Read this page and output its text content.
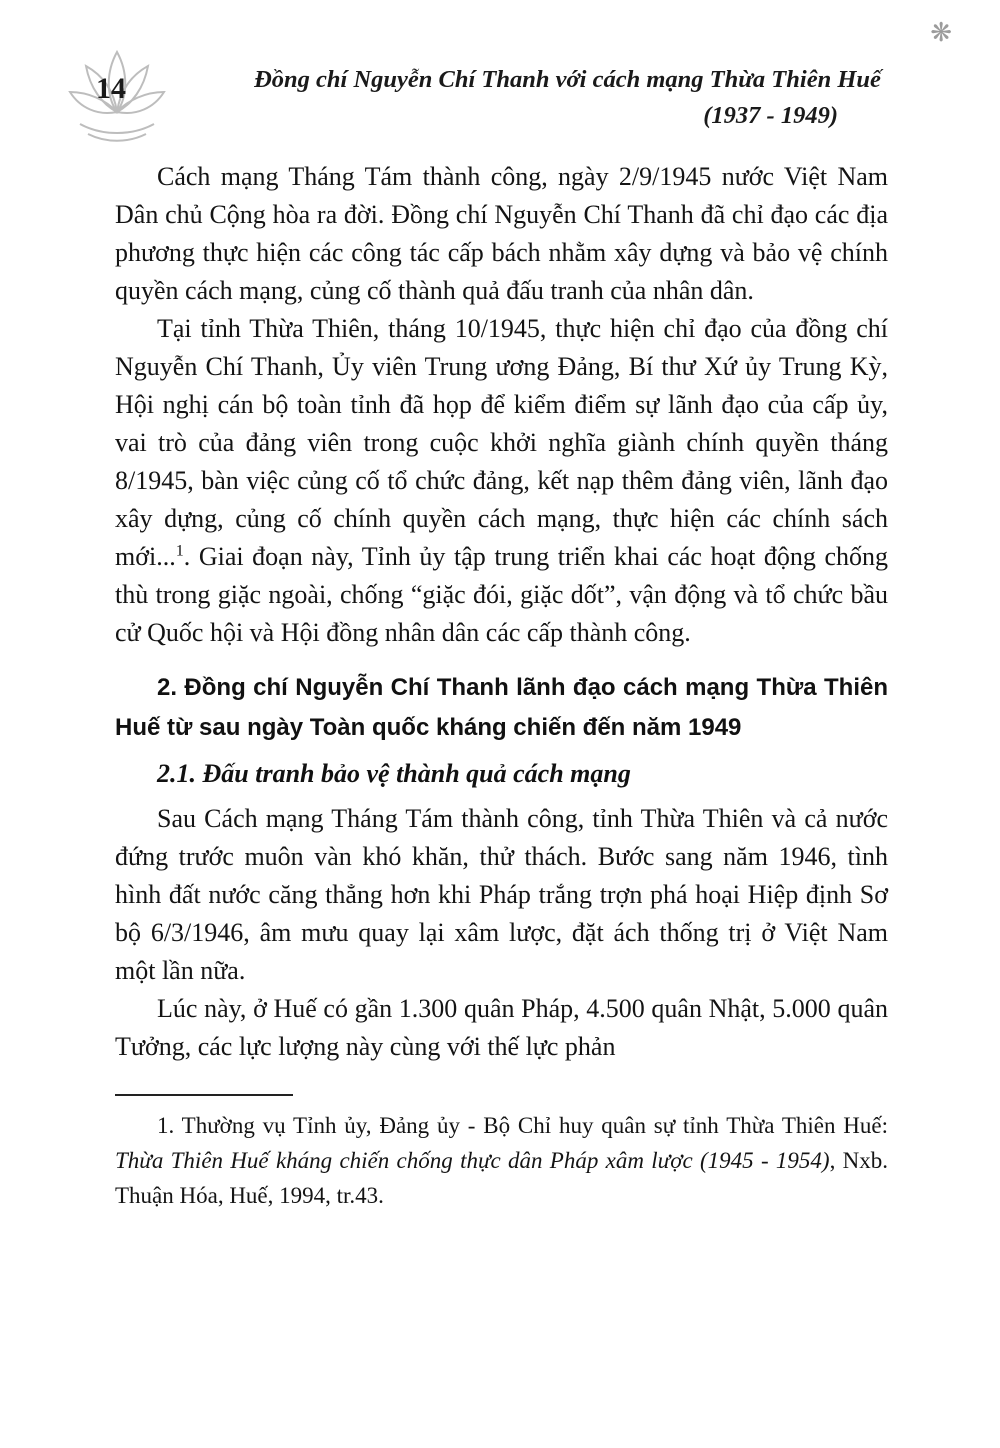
❋
14	Đồng chí Nguyễn Chí Thanh với cách mạng Thừa Thiên Huế
(1937 - 1949)

Cách mạng Tháng Tám thành công, ngày 2/9/1945 nước Việt Nam Dân chủ Cộng hòa ra đời. Đồng chí Nguyễn Chí Thanh đã chỉ đạo các địa phương thực hiện các công tác cấp bách nhằm xây dựng và bảo vệ chính quyền cách mạng, củng cố thành quả đấu tranh của nhân dân.

Tại tỉnh Thừa Thiên, tháng 10/1945, thực hiện chỉ đạo của đồng chí Nguyễn Chí Thanh, Ủy viên Trung ương Đảng, Bí thư Xứ ủy Trung Kỳ, Hội nghị cán bộ toàn tỉnh đã họp để kiểm điểm sự lãnh đạo của cấp ủy, vai trò của đảng viên trong cuộc khởi nghĩa giành chính quyền tháng 8/1945, bàn việc củng cố tổ chức đảng, kết nạp thêm đảng viên, lãnh đạo xây dựng, củng cố chính quyền cách mạng, thực hiện các chính sách mới...$^1$. Giai đoạn này, Tỉnh ủy tập trung triển khai các hoạt động chống thù trong giặc ngoài, chống “giặc đói, giặc dốt”, vận động và tổ chức bầu cử Quốc hội và Hội đồng nhân dân các cấp thành công.

2. Đồng chí Nguyễn Chí Thanh lãnh đạo cách mạng Thừa Thiên Huế từ sau ngày Toàn quốc kháng chiến đến năm 1949

2.1. Đấu tranh bảo vệ thành quả cách mạng

Sau Cách mạng Tháng Tám thành công, tỉnh Thừa Thiên và cả nước đứng trước muôn vàn khó khăn, thử thách. Bước sang năm 1946, tình hình đất nước căng thẳng hơn khi Pháp trắng trợn phá hoại Hiệp định Sơ bộ 6/3/1946, âm mưu quay lại xâm lược, đặt ách thống trị ở Việt Nam một lần nữa.

Lúc này, ở Huế có gần 1.300 quân Pháp, 4.500 quân Nhật, 5.000 quân Tưởng, các lực lượng này cùng với thế lực phản

1. Thường vụ Tỉnh ủy, Đảng ủy - Bộ Chỉ huy quân sự tỉnh Thừa Thiên Huế: Thừa Thiên Huế kháng chiến chống thực dân Pháp xâm lược (1945 - 1954), Nxb. Thuận Hóa, Huế, 1994, tr.43.
